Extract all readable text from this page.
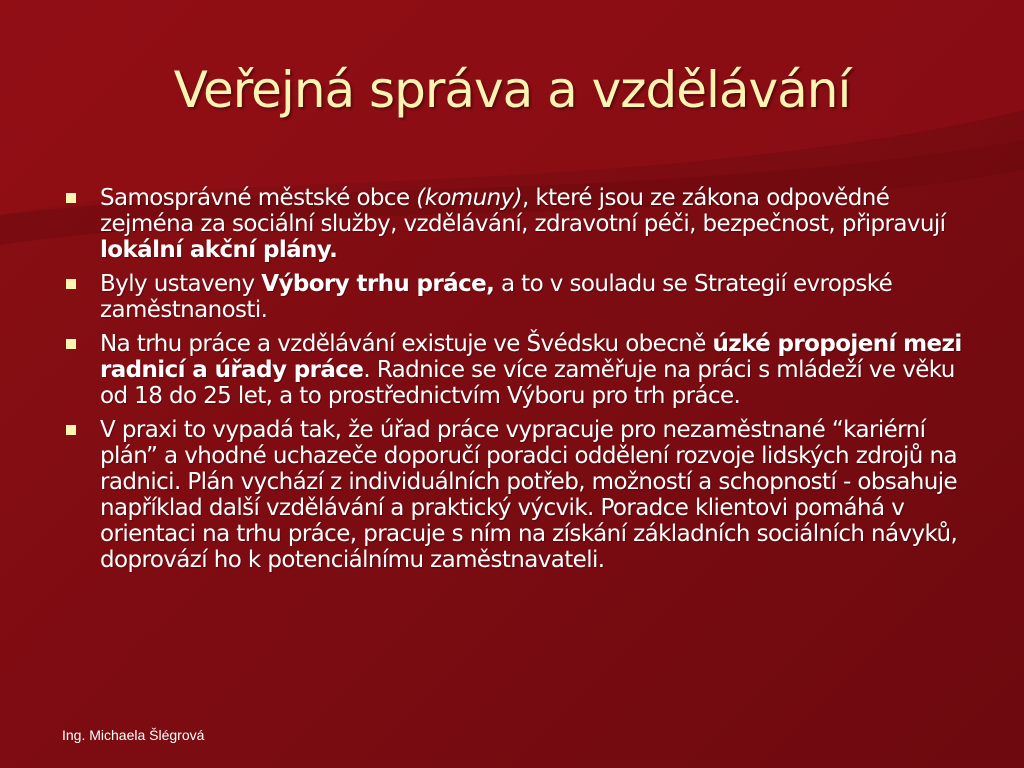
Veřejná správa a vzdělávání
Samosprávné městské obce (komuny), které jsou ze zákona odpovědné zejména za sociální služby, vzdělávání, zdravotní péči, bezpečnost, připravují lokální akční plány.
Byly ustaveny Výbory trhu práce, a to v souladu se Strategií evropské zaměstnanosti.
Na trhu práce a vzdělávání existuje ve Švédsku obecně úzké propojení mezi radnicí a úřady práce. Radnice se více zaměřuje na práci s mládeží ve věku od 18 do 25 let, a to prostřednictvím Výboru pro trh práce.
V praxi to vypadá tak, že úřad práce vypracuje pro nezaměstnané “kariérní plán” a vhodné uchazeče doporučí poradci oddělení rozvoje lidských zdrojů na radnici. Plán vychází z individuálních potřeb, možností a schopností - obsahuje například další vzdělávání a praktický výcvik. Poradce klientovi pomáhá v orientaci na trhu práce, pracuje s ním na získání základních sociálních návyků, doprovází ho k potenciálnímu zaměstnavateli.
Ing. Michaela Šlégrová
